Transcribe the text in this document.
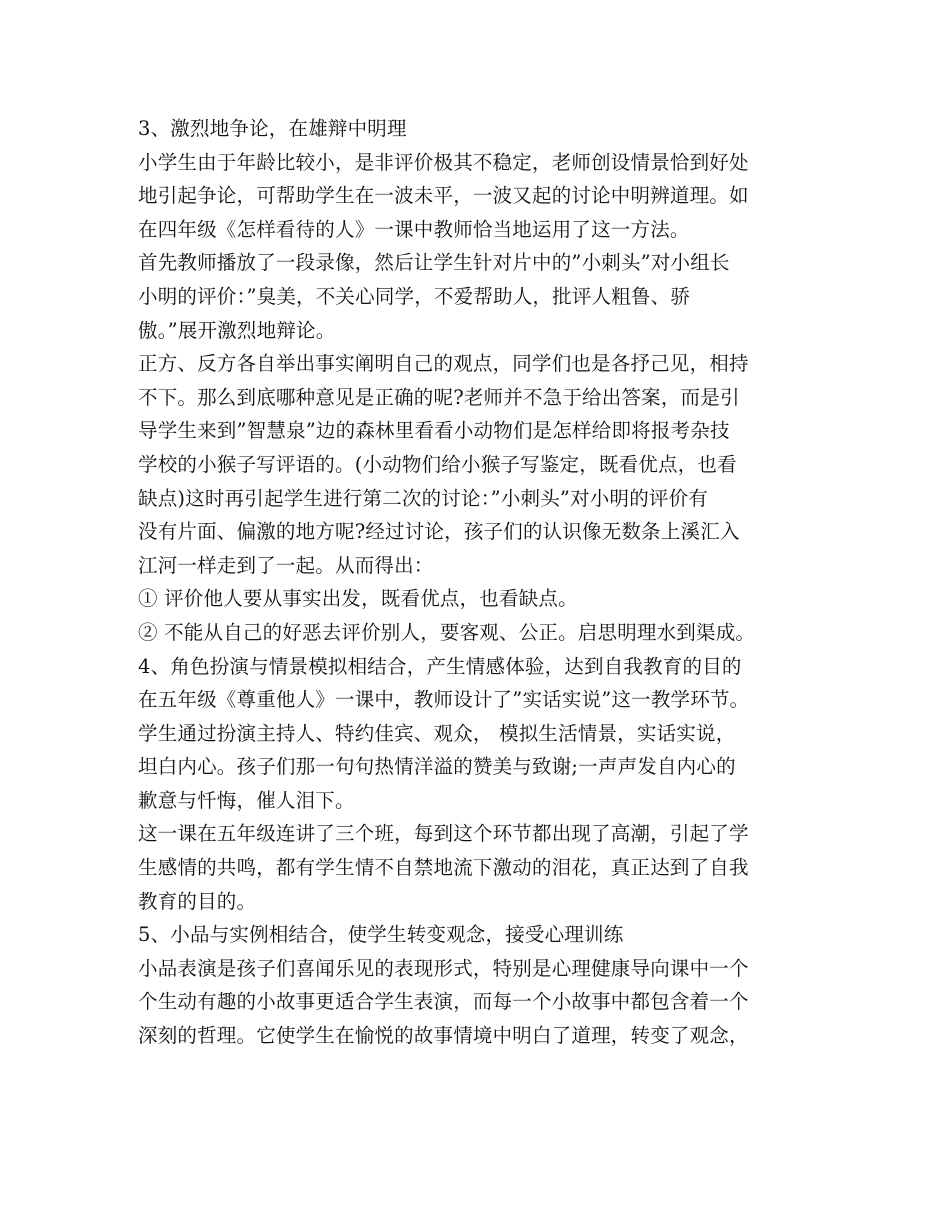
3、激烈地争论，在雄辩中明理
小学生由于年龄比较小，是非评价极其不稳定，老师创设情景恰到好处
地引起争论，可帮助学生在一波未平，一波又起的讨论中明辨道理。如
在四年级《怎样看待的人》一课中教师恰当地运用了这一方法。
首先教师播放了一段录像，然后让学生针对片中的”小刺头”对小组长
小明的评价：”臭美，不关心同学，不爱帮助人，批评人粗鲁、骄
傲。”展开激烈地辩论。
正方、反方各自举出事实阐明自己的观点，同学们也是各抒己见，相持
不下。那么到底哪种意见是正确的呢?老师并不急于给出答案，而是引
导学生来到”智慧泉”边的森林里看看小动物们是怎样给即将报考杂技
学校的小猴子写评语的。(小动物们给小猴子写鉴定，既看优点，也看
缺点)这时再引起学生进行第二次的讨论：”小刺头”对小明的评价有
没有片面、偏激的地方呢?经过讨论，孩子们的认识像无数条上溪汇入
江河一样走到了一起。从而得出：
① 评价他人要从事实出发，既看优点，也看缺点。
② 不能从自己的好恶去评价别人，要客观、公正。启思明理水到渠成。
4、角色扮演与情景模拟相结合，产生情感体验，达到自我教育的目的
在五年级《尊重他人》一课中，教师设计了”实话实说”这一教学环节。
学生通过扮演主持人、特约佳宾、观众， 模拟生活情景，实话实说，
坦白内心。孩子们那一句句热情洋溢的赞美与致谢;一声声发自内心的
歉意与忏悔，催人泪下。
这一课在五年级连讲了三个班，每到这个环节都出现了高潮，引起了学
生感情的共鸣，都有学生情不自禁地流下激动的泪花，真正达到了自我
教育的目的。
5、小品与实例相结合，使学生转变观念，接受心理训练
小品表演是孩子们喜闻乐见的表现形式，特别是心理健康导向课中一个
个生动有趣的小故事更适合学生表演，而每一个小故事中都包含着一个
深刻的哲理。它使学生在愉悦的故事情境中明白了道理，转变了观念，
